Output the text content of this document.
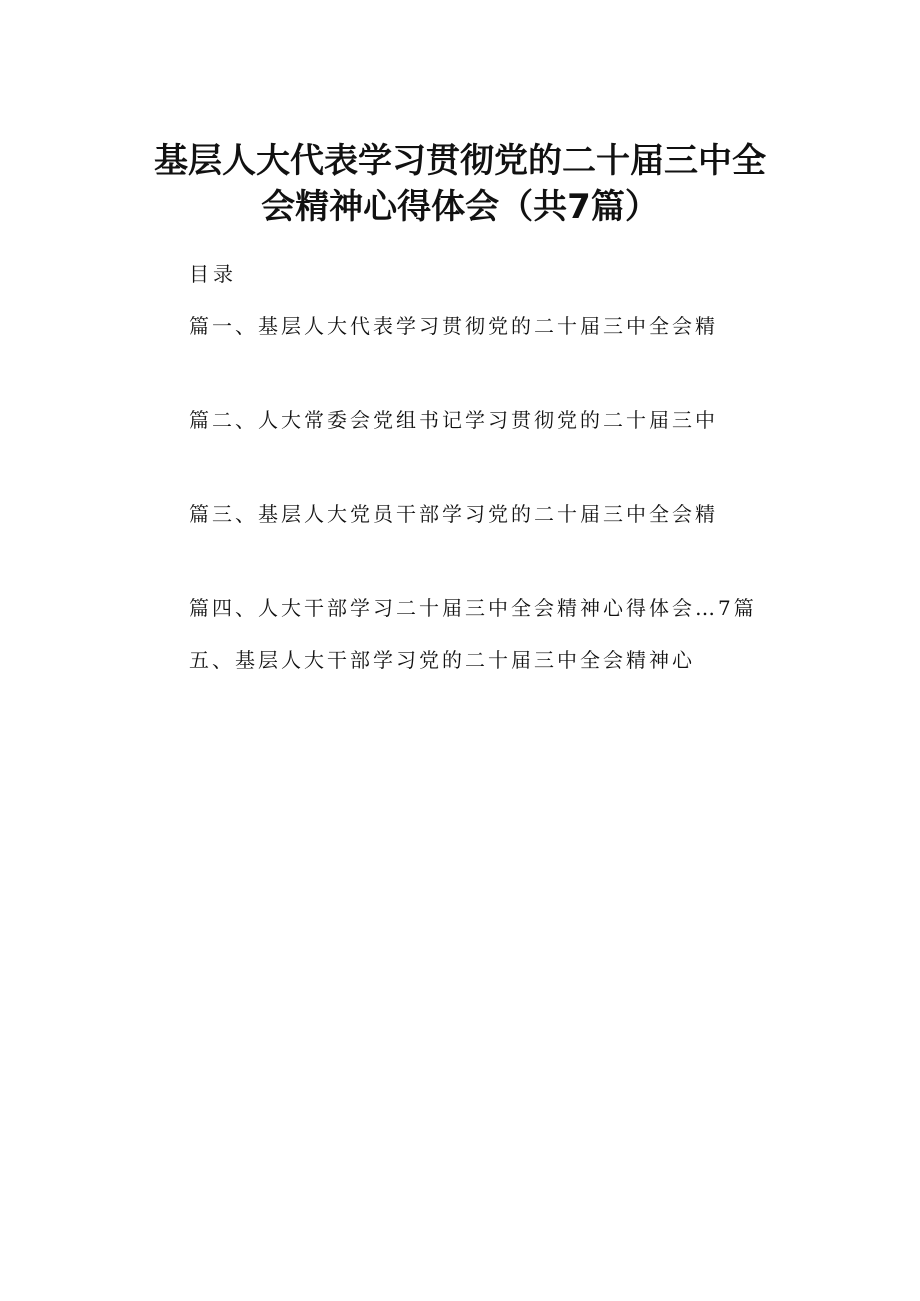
基层人大代表学习贯彻党的二十届三中全
会精神心得体会（共7篇）

目录

篇一、基层人大代表学习贯彻党的二十届三中全会精

篇二、人大常委会党组书记学习贯彻党的二十届三中

篇三、基层人大党员干部学习党的二十届三中全会精

篇四、人大干部学习二十届三中全会精神心得体会…7篇

五、基层人大干部学习党的二十届三中全会精神心
